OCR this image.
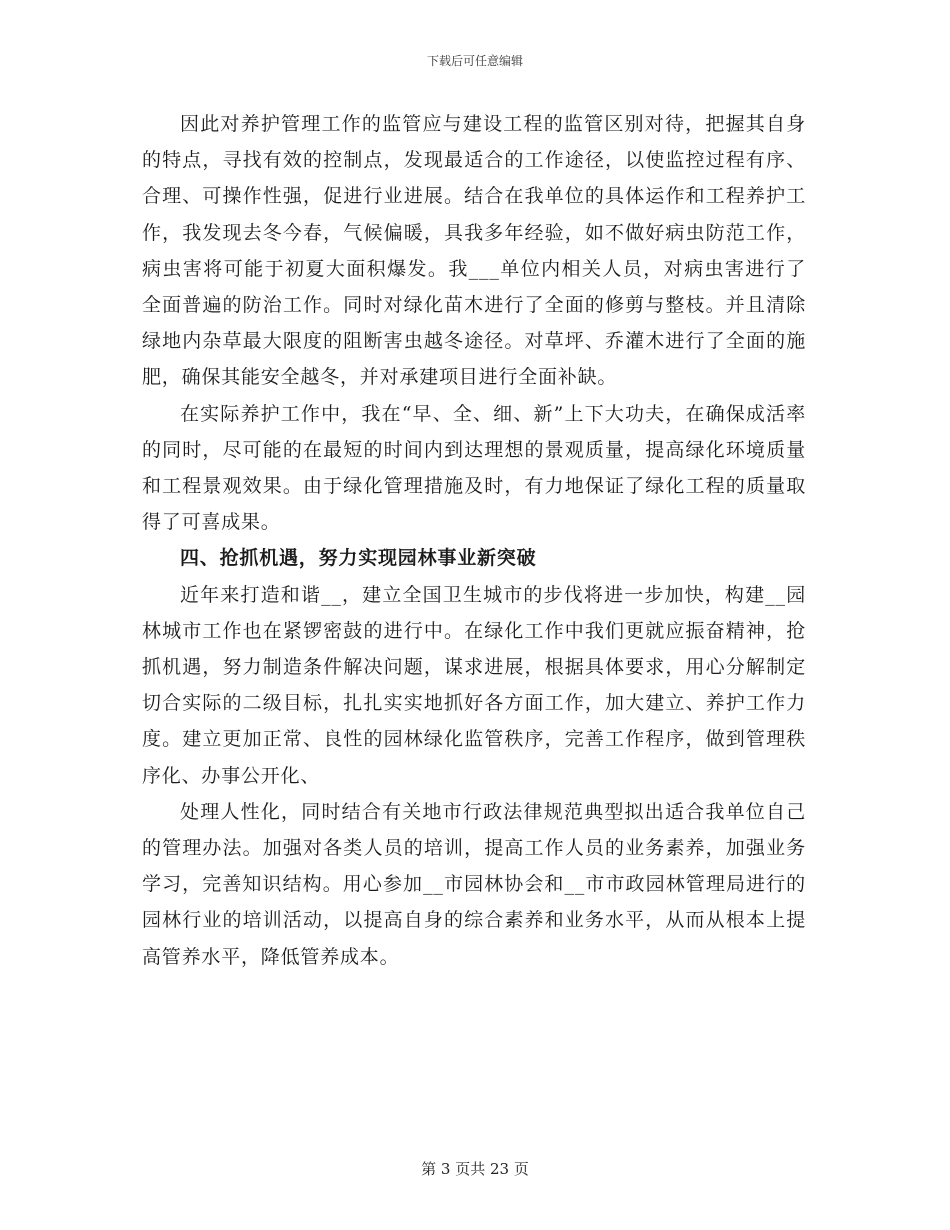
下载后可任意编辑

因此对养护管理工作的监管应与建设工程的监管区别对待，把握其自身的特点，寻找有效的控制点，发现最适合的工作途径，以使监控过程有序、合理、可操作性强，促进行业进展。结合在我单位的具体运作和工程养护工作，我发现去冬今春，气候偏暖，具我多年经验，如不做好病虫防范工作，病虫害将可能于初夏大面积爆发。我___单位内相关人员，对病虫害进行了全面普遍的防治工作。同时对绿化苗木进行了全面的修剪与整枝。并且清除绿地内杂草最大限度的阻断害虫越冬途径。对草坪、乔灌木进行了全面的施肥，确保其能安全越冬，并对承建项目进行全面补缺。

在实际养护工作中，我在“早、全、细、新”上下大功夫，在确保成活率的同时，尽可能的在最短的时间内到达理想的景观质量，提高绿化环境质量和工程景观效果。由于绿化管理措施及时，有力地保证了绿化工程的质量取得了可喜成果。

四、抢抓机遇，努力实现园林事业新突破

近年来打造和谐__，建立全国卫生城市的步伐将进一步加快，构建__园林城市工作也在紧锣密鼓的进行中。在绿化工作中我们更就应振奋精神，抢抓机遇，努力制造条件解决问题，谋求进展，根据具体要求，用心分解制定切合实际的二级目标，扎扎实实地抓好各方面工作，加大建立、养护工作力度。建立更加正常、良性的园林绿化监管秩序，完善工作程序，做到管理秩序化、办事公开化、

处理人性化，同时结合有关地市行政法律规范典型拟出适合我单位自己的管理办法。加强对各类人员的培训，提高工作人员的业务素养，加强业务学习，完善知识结构。用心参加__市园林协会和__市市政园林管理局进行的园林行业的培训活动，以提高自身的综合素养和业务水平，从而从根本上提高管养水平，降低管养成本。

第 3 页共 23 页
